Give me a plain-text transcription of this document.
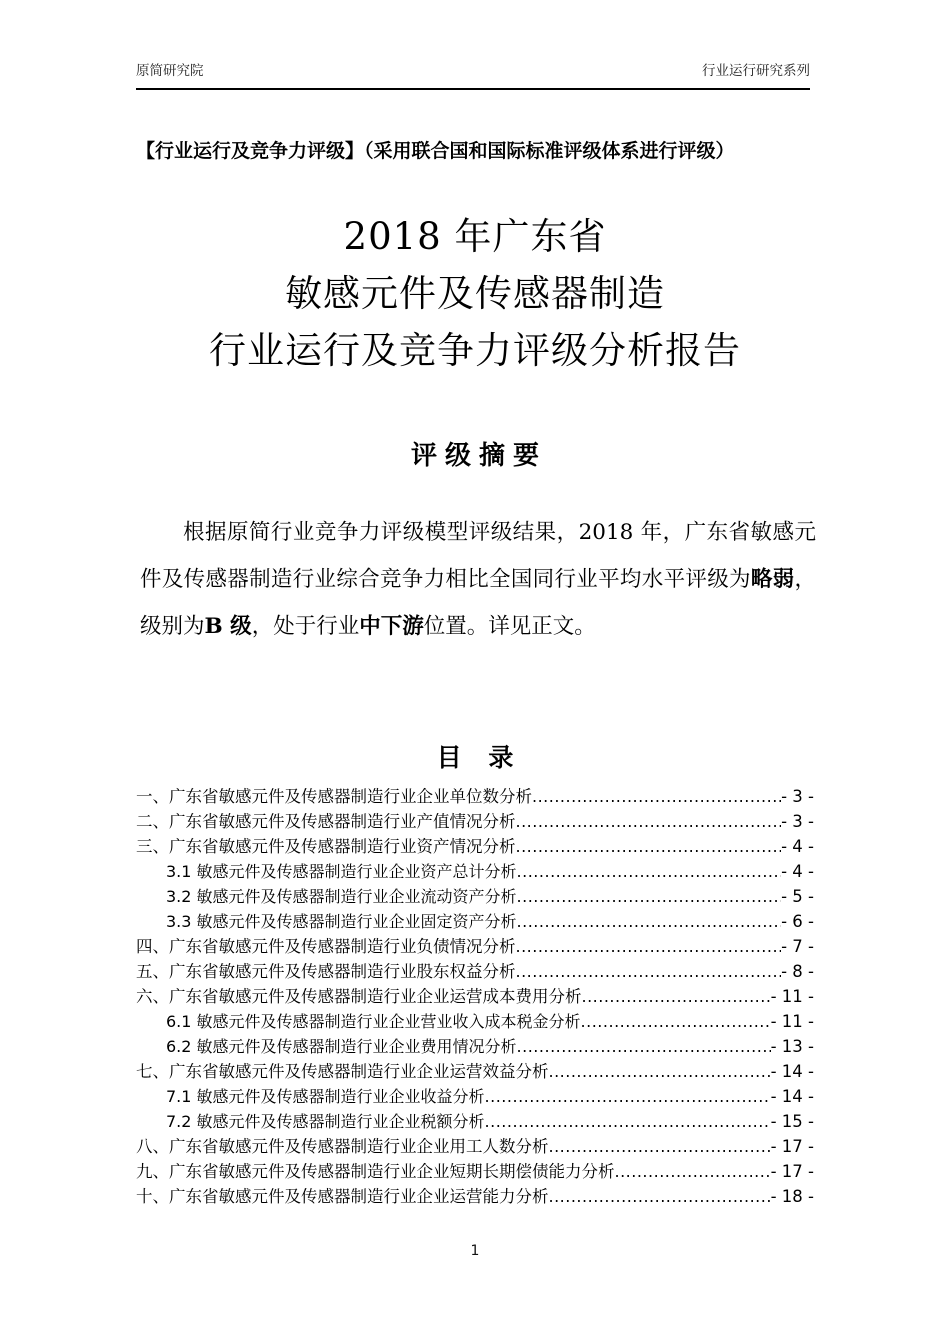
原简研究院	行业运行研究系列
【行业运行及竞争力评级】（采用联合国和国际标准评级体系进行评级）
2018 年广东省
敏感元件及传感器制造
行业运行及竞争力评级分析报告
评级摘要

根据原简行业竞争力评级模型评级结果，2018 年，广东省敏感元件及传感器制造行业综合竞争力相比全国同行业平均水平评级为略弱，级别为B 级，处于行业中下游位置。详见正文。

目 录
一、广东省敏感元件及传感器制造行业企业单位数分析 .....	- 3 -
二、广东省敏感元件及传感器制造行业产值情况分析 .....	- 3 -
三、广东省敏感元件及传感器制造行业资产情况分析 .....	- 4 -
3.1 敏感元件及传感器制造行业企业资产总计分析 .....	- 4 -
3.2 敏感元件及传感器制造行业企业流动资产分析 .....	- 5 -
3.3 敏感元件及传感器制造行业企业固定资产分析 .....	- 6 -
四、广东省敏感元件及传感器制造行业负债情况分析 .....	- 7 -
五、广东省敏感元件及传感器制造行业股东权益分析 .....	- 8 -
六、广东省敏感元件及传感器制造行业企业运营成本费用分析 .....	- 11 -
6.1 敏感元件及传感器制造行业企业营业收入成本税金分析 .....	- 11 -
6.2 敏感元件及传感器制造行业企业费用情况分析 .....	- 13 -
七、广东省敏感元件及传感器制造行业企业运营效益分析 .....	- 14 -
7.1 敏感元件及传感器制造行业企业收益分析 .....	- 14 -
7.2 敏感元件及传感器制造行业企业税额分析 .....	- 15 -
八、广东省敏感元件及传感器制造行业企业用工人数分析 .....	- 17 -
九、广东省敏感元件及传感器制造行业企业短期长期偿债能力分析 .....	- 17 -
十、广东省敏感元件及传感器制造行业企业运营能力分析 .....	- 18 -
1
